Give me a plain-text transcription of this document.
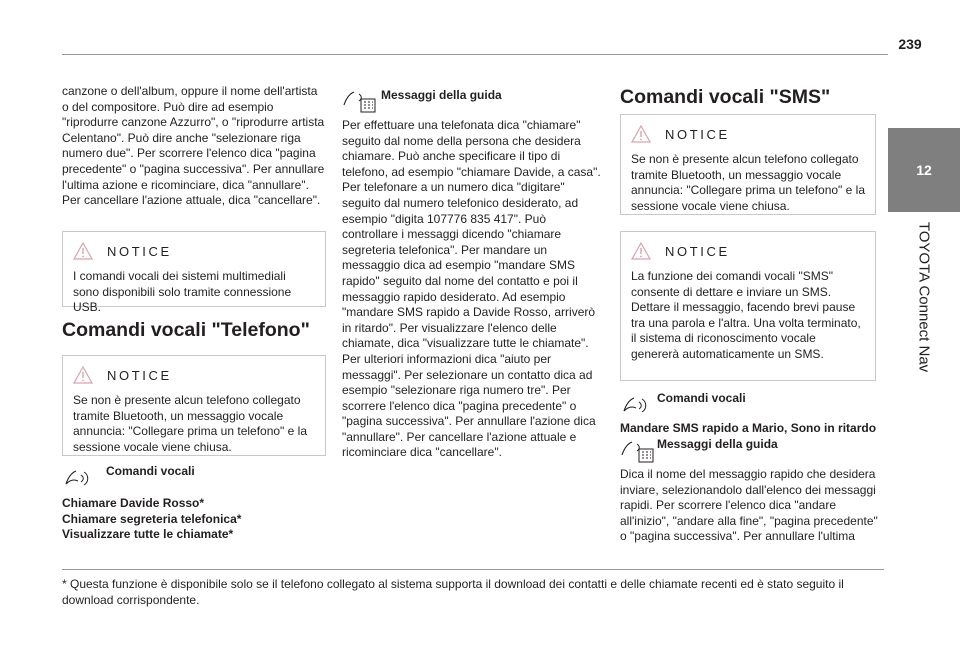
239
12
TOYOTA Connect Nav
canzone o dell'album, oppure il nome dell'artista o del compositore. Può dire ad esempio "riprodurre canzone Azzurro", o "riprodurre artista Celentano". Può dire anche "selezionare riga numero due". Per scorrere l'elenco dica "pagina precedente" o "pagina successiva". Per annullare l'ultima azione e ricominciare, dica "annullare". Per cancellare l'azione attuale, dica "cancellare".
NOTICE
I comandi vocali dei sistemi multimediali sono disponibili solo tramite connessione USB.
Comandi vocali "Telefono"
NOTICE
Se non è presente alcun telefono collegato tramite Bluetooth, un messaggio vocale annuncia: "Collegare prima un telefono" e la sessione vocale viene chiusa.
Comandi vocali
Chiamare Davide Rosso*
Chiamare segreteria telefonica*
Visualizzare tutte le chiamate*
Messaggi della guida
Per effettuare una telefonata dica "chiamare" seguito dal nome della persona che desidera chiamare. Può anche specificare il tipo di telefono, ad esempio "chiamare Davide, a casa". Per telefonare a un numero dica "digitare" seguito dal numero telefonico desiderato, ad esempio "digita 107776 835 417". Può controllare i messaggi dicendo "chiamare segreteria telefonica". Per mandare un messaggio dica ad esempio "mandare SMS rapido" seguito dal nome del contatto e poi il messaggio rapido desiderato. Ad esempio "mandare SMS rapido a Davide Rosso, arriverò in ritardo". Per visualizzare l'elenco delle chiamate, dica "visualizzare tutte le chiamate". Per ulteriori informazioni dica "aiuto per messaggi". Per selezionare un contatto dica ad esempio "selezionare riga numero tre". Per scorrere l'elenco dica "pagina precedente" o "pagina successiva". Per annullare l'azione dica "annullare". Per cancellare l'azione attuale e ricominciare dica "cancellare".
Comandi vocali "SMS"
NOTICE
Se non è presente alcun telefono collegato tramite Bluetooth, un messaggio vocale annuncia: "Collegare prima un telefono" e la sessione vocale viene chiusa.
NOTICE
La funzione dei comandi vocali "SMS" consente di dettare e inviare un SMS. Dettare il messaggio, facendo brevi pause tra una parola e l'altra. Una volta terminato, il sistema di riconoscimento vocale genererà automaticamente un SMS.
Comandi vocali
Mandare SMS rapido a Mario, Sono in ritardo
Messaggi della guida
Dica il nome del messaggio rapido che desidera inviare, selezionandolo dall'elenco dei messaggi rapidi. Per scorrere l'elenco dica "andare all'inizio", "andare alla fine", "pagina precedente" o "pagina successiva". Per annullare l'ultima
* Questa funzione è disponibile solo se il telefono collegato al sistema supporta il download dei contatti e delle chiamate recenti ed è stato seguito il download corrispondente.
